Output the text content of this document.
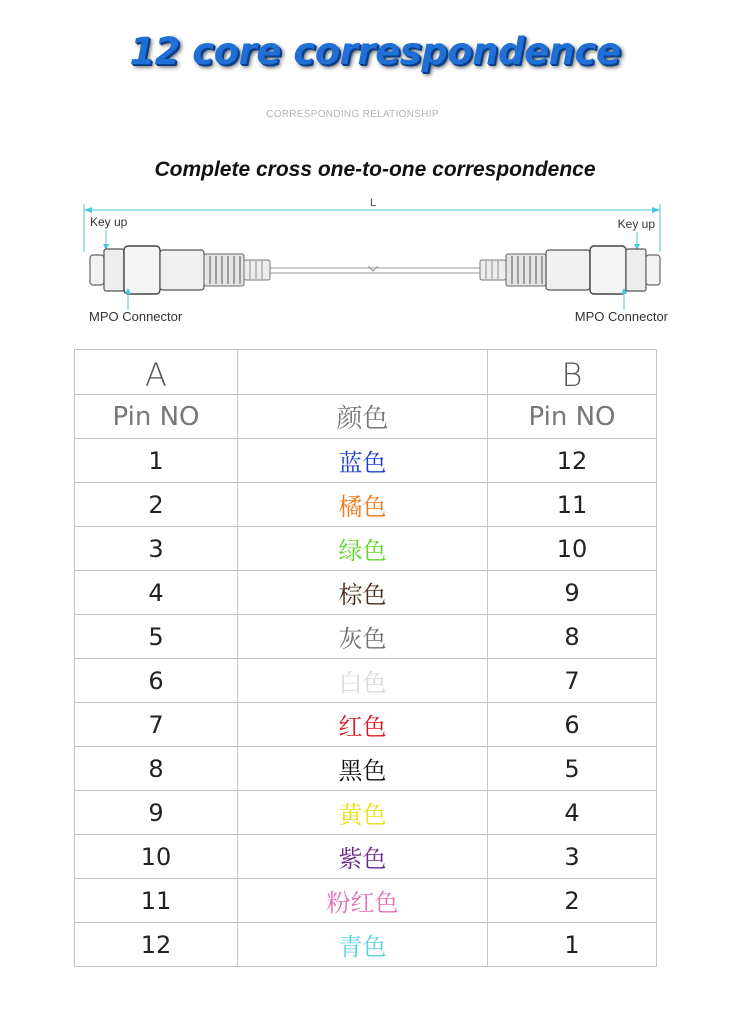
12 core correspondence
CORRESPONDING RELATIONSHIP
Complete cross one-to-one correspondence
L
Key up	Key up
MPO Connector	MPO Connector
A		B
Pin NO	颜色	Pin NO
1	蓝色	12
2	橘色	11
3	绿色	10
4	棕色	9
5	灰色	8
6	白色	7
7	红色	6
8	黑色	5
9	黄色	4
10	紫色	3
11	粉红色	2
12	青色	1
